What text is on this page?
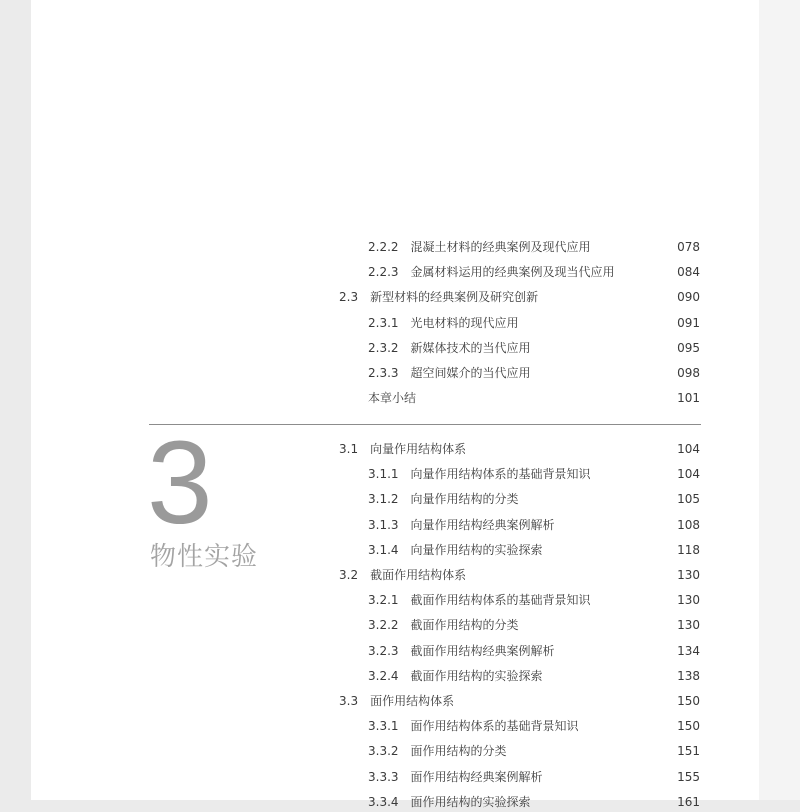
2.2.2 混凝土材料的经典案例及现代应用	078
2.2.3 金属材料运用的经典案例及现当代应用	084
2.3 新型材料的经典案例及研究创新	090
2.3.1 光电材料的现代应用	091
2.3.2 新媒体技术的当代应用	095
2.3.3 超空间媒介的当代应用	098
本章小结	101
3
物性实验
3.1 向量作用结构体系	104
3.1.1 向量作用结构体系的基础背景知识	104
3.1.2 向量作用结构的分类	105
3.1.3 向量作用结构经典案例解析	108
3.1.4 向量作用结构的实验探索	118
3.2 截面作用结构体系	130
3.2.1 截面作用结构体系的基础背景知识	130
3.2.2 截面作用结构的分类	130
3.2.3 截面作用结构经典案例解析	134
3.2.4 截面作用结构的实验探索	138
3.3 面作用结构体系	150
3.3.1 面作用结构体系的基础背景知识	150
3.3.2 面作用结构的分类	151
3.3.3 面作用结构经典案例解析	155
3.3.4 面作用结构的实验探索	161
